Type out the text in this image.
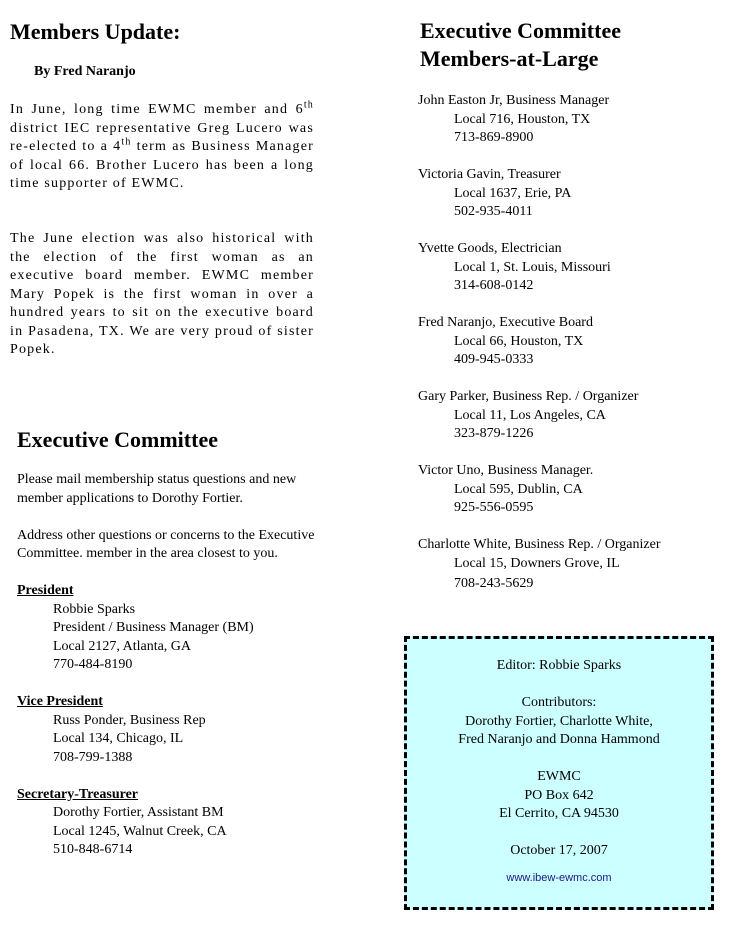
Members Update:
By Fred Naranjo

In June, long time EWMC member and 6th district IEC representative Greg Lucero was re-elected to a 4th term as Business Manager of local 66. Brother Lucero has been a long time supporter of EWMC.

The June election was also historical with the election of the first woman as an executive board member. EWMC member Mary Popek is the first woman in over a hundred years to sit on the executive board in Pasadena, TX. We are very proud of sister Popek.

Executive Committee

Please mail membership status questions and new member applications to Dorothy Fortier.

Address other questions or concerns to the Executive Committee. member in the area closest to you.

President
Robbie Sparks
President / Business Manager (BM)
Local 2127, Atlanta, GA
770-484-8190
Vice President
Russ Ponder, Business Rep
Local 134, Chicago, IL
708-799-1388
Secretary-Treasurer
Dorothy Fortier, Assistant BM
Local 1245, Walnut Creek, CA
510-848-6714
Executive Committee
Members-at-Large
John Easton Jr, Business Manager
Local 716, Houston, TX
713-869-8900
Victoria Gavin, Treasurer
Local 1637, Erie, PA
502-935-4011
Yvette Goods, Electrician
Local 1, St. Louis, Missouri
314-608-0142
Fred Naranjo, Executive Board
Local 66, Houston, TX
409-945-0333
Gary Parker, Business Rep. / Organizer
Local 11, Los Angeles, CA
323-879-1226
Victor Uno, Business Manager.
Local 595, Dublin, CA
925-556-0595
Charlotte White, Business Rep. / Organizer
Local 15, Downers Grove, IL
708-243-5629

Editor: Robbie Sparks

Contributors:

Dorothy Fortier, Charlotte White,

Fred Naranjo and Donna Hammond

EWMC

PO Box 642

El Cerrito, CA 94530

October 17, 2007

www.ibew-ewmc.com
